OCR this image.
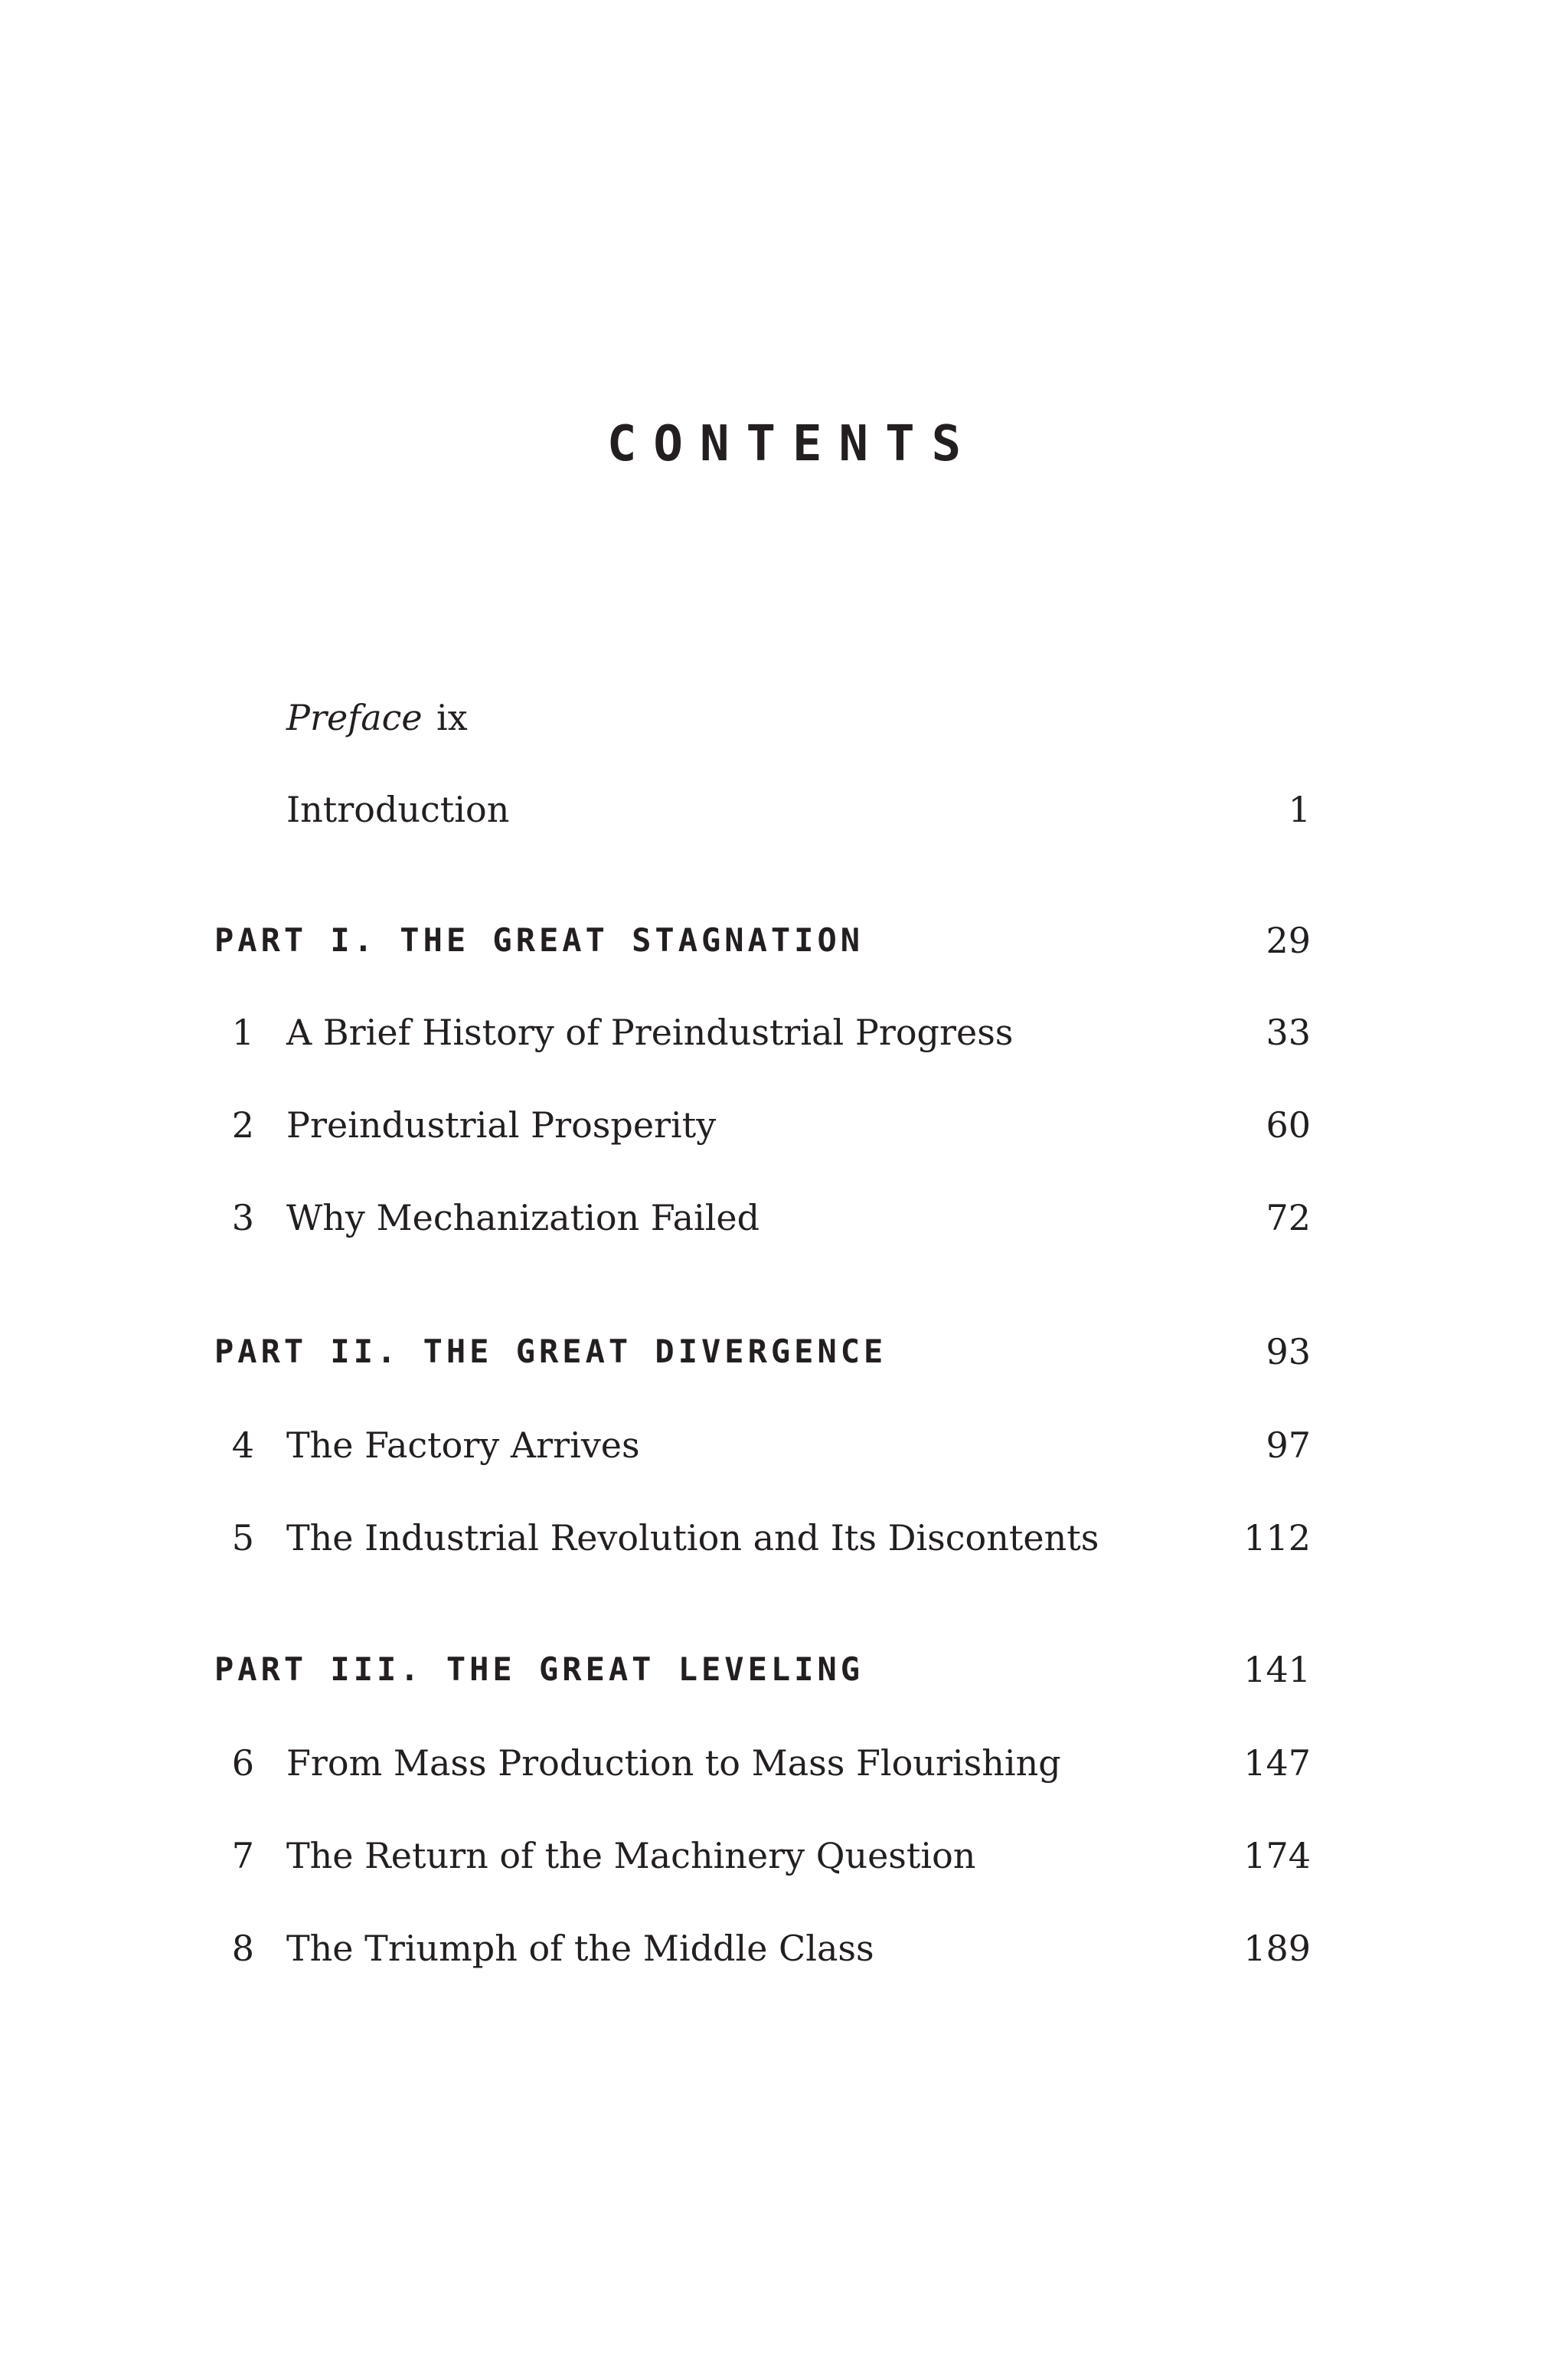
CONTENTS
Preface ix
Introduction	1
PART I. THE GREAT STAGNATION	29
1 A Brief History of Preindustrial Progress	33
2 Preindustrial Prosperity	60
3 Why Mechanization Failed	72
PART II. THE GREAT DIVERGENCE	93
4 The Factory Arrives	97
5 The Industrial Revolution and Its Discontents	112
PART III. THE GREAT LEVELING	141
6 From Mass Production to Mass Flourishing	147
7 The Return of the Machinery Question	174
8 The Triumph of the Middle Class	189
